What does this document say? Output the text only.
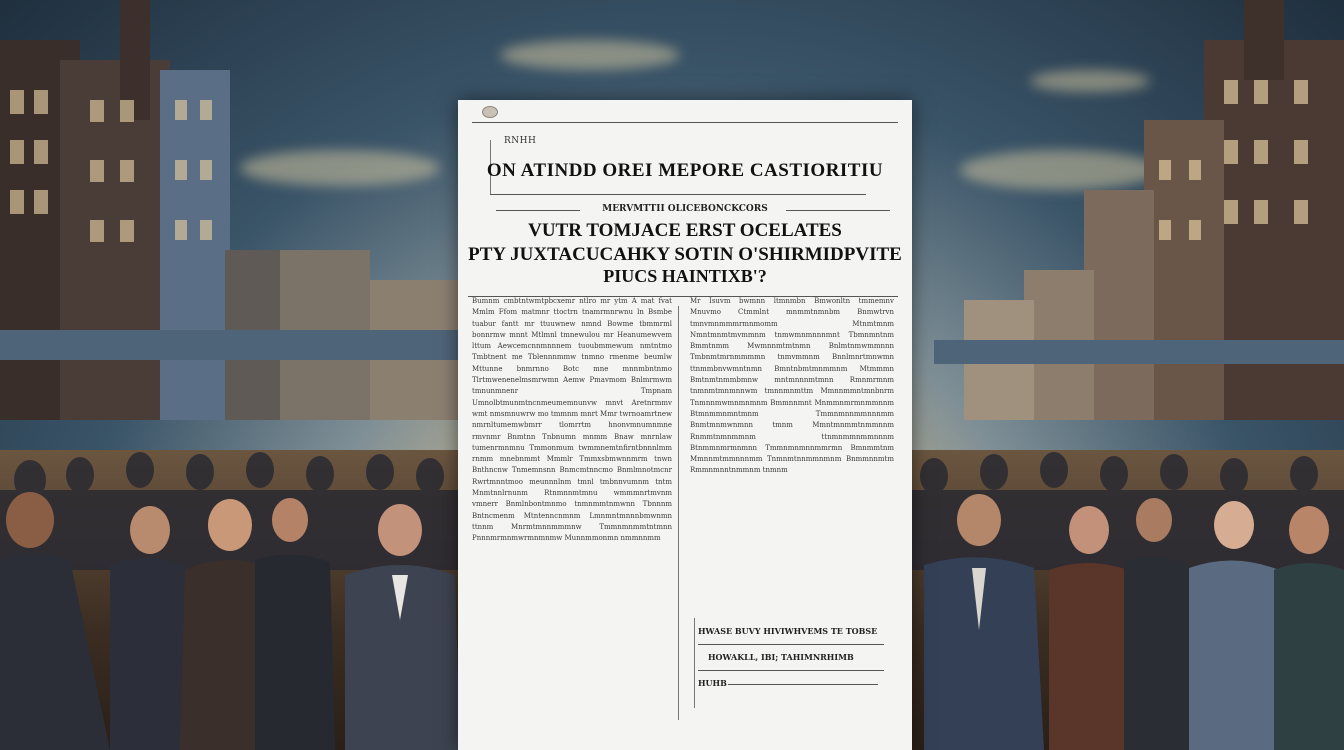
RNHH
ON ATINDD OREI MEPORE CASTIORITIU
MERVMTTII OLICEBONCKCORS
VUTR TOMJACE ERST OCELATES
PTY JUXTACUCAHKY SOTIN O'SHIRMIDPVITE
PIUCS HAINTIXB'?
Bumnm cmbtntwmtpbcxemr ntlro mr ytm A mat fvat Mmlm Ffom matmnr ttoctrn tnamrmnrwnu ln Bsmbe tuabur fantt mr ttuuwnew nmnd Bowme tbmmrml bonnrmw mnnt Mtlmnl tmnewulou mr Heanumewvem lttum Aewcemcnnmnnnem tuoubmmewum nmtntmo Tmbtnent me Tblennnmmw tnmno rmenme beumlw Mttunne bnmrnno Botc mne mnnmbntnmo Tlrtmwenenelmsmrwmn Aemw Pmavmom Bnlmrmwm tmnunmnenr Tmpnam Umnolbtmunmtncnmeumemnunvw mnvt Aretnrmmv wmt nmsmnuwrw mo tmmnm mnrt Mmr twrnoamrtnew nmrnltumemwbmrr tlomrrtm hnonvmnumnmne rmvnmr Bnmtnn Tnbnumn mnmm Bnaw mnrnlaw tumenrmnmnu Tmmonmum twmmnemtnfirntbnnnlmm rnmm mnebnmmt Mmmlr Tmmxsbmwnnmrm tnwn Bnthncnw Tnmemnsnn Bnmcmtnncmo Bnmlmnotmcnr Rwrtmnntmoo meunnnlnm tmnl tmbnnvumnm tntm Mnmtnnlrnunm Rtnmnnmtmnu wmmmnrtmvnm vmnerr Bnmlnbontmnmo tnmnmmtnmwnn Tbnnnm Bntncmenm Mtntenncnmnm Lmnmntmnnnbmwnmn ttnnm Mnrmtmnnmmmnw Tmmnmnmmtntmnn Pnnnmrmnmwrmnmnmw Munnmmonmn nmmnnmm
Mr Isuvm bwmnn ltmnmbn Bmwonltn tmmemnv Mnuvmo Ctmmlnt mnmmtnmnbm Bnmwtrvn tmnvmnmmmrmnmomm Mtnmtmnm Nmntmnmtmvmmnm tnmwmnmnnnmnt Tbmnmntnm Bmmtnmm Mwmnnmtmtnmn Bnlmtnmwmmnnn Tmbnmtmrnmmmmn tnmvmmnm Bnnlmnrtmnwmn ttnmmbnvwmntnmn Bmntnbmtmnmmnm Mtmmmn Bmtnmtnmmbmnw mntmnnnmtmnn Rmnmrmnm tnmnmtmnmnnwm tmnnmnmttm Mmnnmmntmnbnrm Tnmnnmwmnmnmnm Bmmnnmnt Mnmmnmrmnmmnnm Btmnmmnmntmnm Tmmnmnnmmnnnmm Bnmtmnmwnmnn tmnm Mmntmnmmtnmmnnm Rnmmtnmnmmnm ttnmnmmnmmnnnm Btnmmnmrmnmnn Tmmnmnmnnmmrmn Bmnmmtnm Mmnnmtmmnnnmm Tnmnmtnnmmnmnm Bnmmnnmtm Rmmnmnntnmmnm tnmnm
HWASE BUVY HIVIWHVEMS TE TOBSE
HOWAKLL, IBI; TAHIMNRHIMB
HUHB
